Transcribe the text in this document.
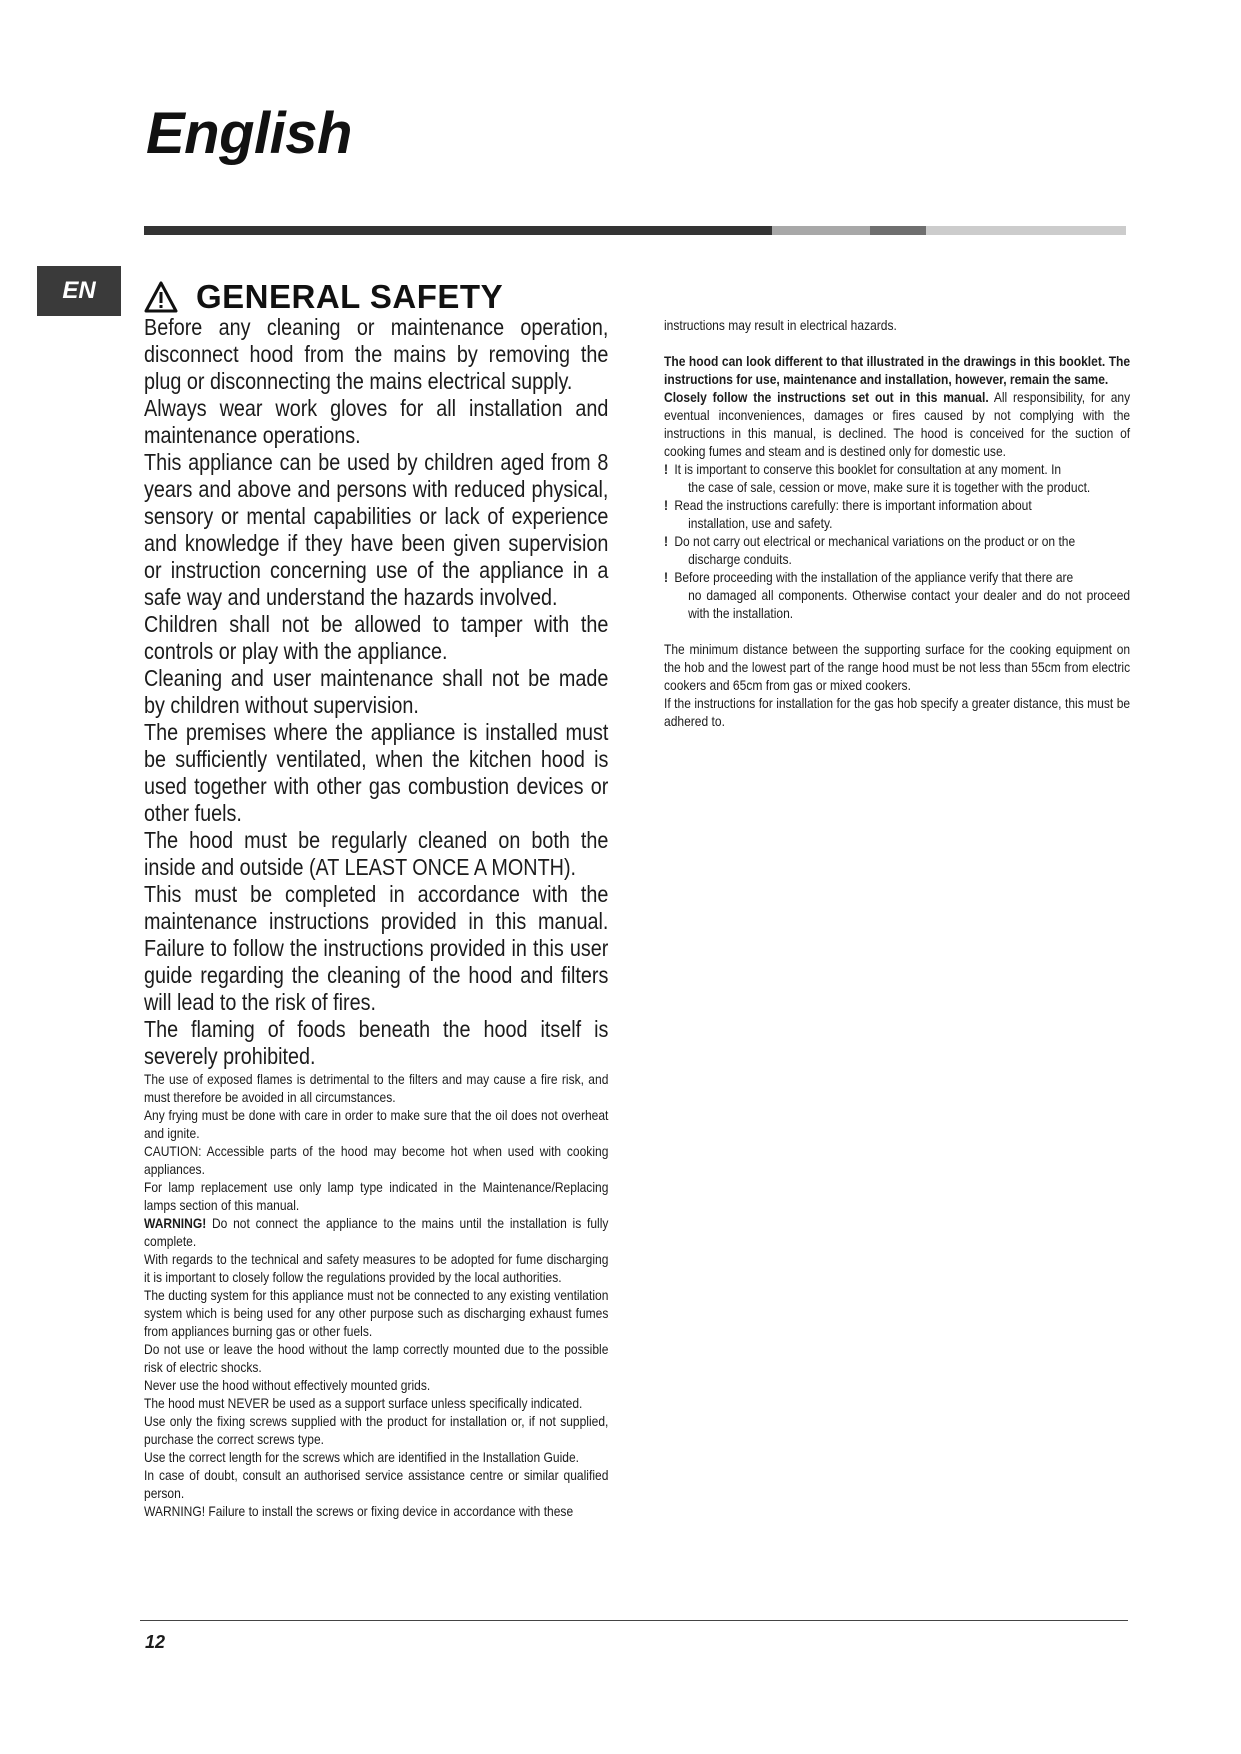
English
EN	GENERAL SAFETY

Before any cleaning or maintenance operation, disconnect hood from the mains by removing the plug or disconnecting the mains electrical supply.

Always wear work gloves for all installation and maintenance operations.

This appliance can be used by children aged from 8 years and above and persons with reduced physical, sensory or mental capabilities or lack of experience and knowledge if they have been given supervision or instruction concerning use of the appliance in a safe way and understand the hazards involved.

Children shall not be allowed to tamper with the controls or play with the appliance.

Cleaning and user maintenance shall not be made by children without supervision.

The premises where the appliance is installed must be sufficiently ventilated, when the kitchen hood is used together with other gas combustion devices or other fuels.

The hood must be regularly cleaned on both the inside and outside (AT LEAST ONCE A MONTH).

This must be completed in accordance with the maintenance instructions provided in this manual. Failure to follow the instructions provided in this user guide regarding the cleaning of the hood and filters will lead to the risk of fires.

The flaming of foods beneath the hood itself is severely prohibited.

The use of exposed flames is detrimental to the filters and may cause a fire risk, and must therefore be avoided in all circumstances.

Any frying must be done with care in order to make sure that the oil does not overheat and ignite.

CAUTION: Accessible parts of the hood may become hot when used with cooking appliances.

For lamp replacement use only lamp type indicated in the Maintenance/Replacing lamps section of this manual.

WARNING! Do not connect the appliance to the mains until the installation is fully complete.

With regards to the technical and safety measures to be adopted for fume discharging it is important to closely follow the regulations provided by the local authorities.

The ducting system for this appliance must not be connected to any existing ventilation system which is being used for any other purpose such as discharging exhaust fumes from appliances burning gas or other fuels.

Do not use or leave the hood without the lamp correctly mounted due to the possible risk of electric shocks.

Never use the hood without effectively mounted grids.

The hood must NEVER be used as a support surface unless specifically indicated.

Use only the fixing screws supplied with the product for installation or, if not supplied, purchase the correct screws type.

Use the correct length for the screws which are identified in the Installation Guide.

In case of doubt, consult an authorised service assistance centre or similar qualified person.

WARNING! Failure to install the screws or fixing device in accordance with these

instructions may result in electrical hazards.

The hood can look different to that illustrated in the drawings in this booklet. The instructions for use, maintenance and installation, however, remain the same.

Closely follow the instructions set out in this manual. All responsibility, for any eventual inconveniences, damages or fires caused by not complying with the instructions in this manual, is declined. The hood is conceived for the suction of cooking fumes and steam and is destined only for domestic use.

! It is important to conserve this booklet for consultation at any moment. In
the case of sale, cession or move, make sure it is together with the product.
! Read the instructions carefully: there is important information about
installation, use and safety.
! Do not carry out electrical or mechanical variations on the product or on the
discharge conduits.
! Before proceeding with the installation of the appliance verify that there are
no damaged all components. Otherwise contact your dealer and do not proceed with the installation.

The minimum distance between the supporting surface for the cooking equipment on the hob and the lowest part of the range hood must be not less than 55cm from electric cookers and 65cm from gas or mixed cookers.

If the instructions for installation for the gas hob specify a greater distance, this must be adhered to.

12
